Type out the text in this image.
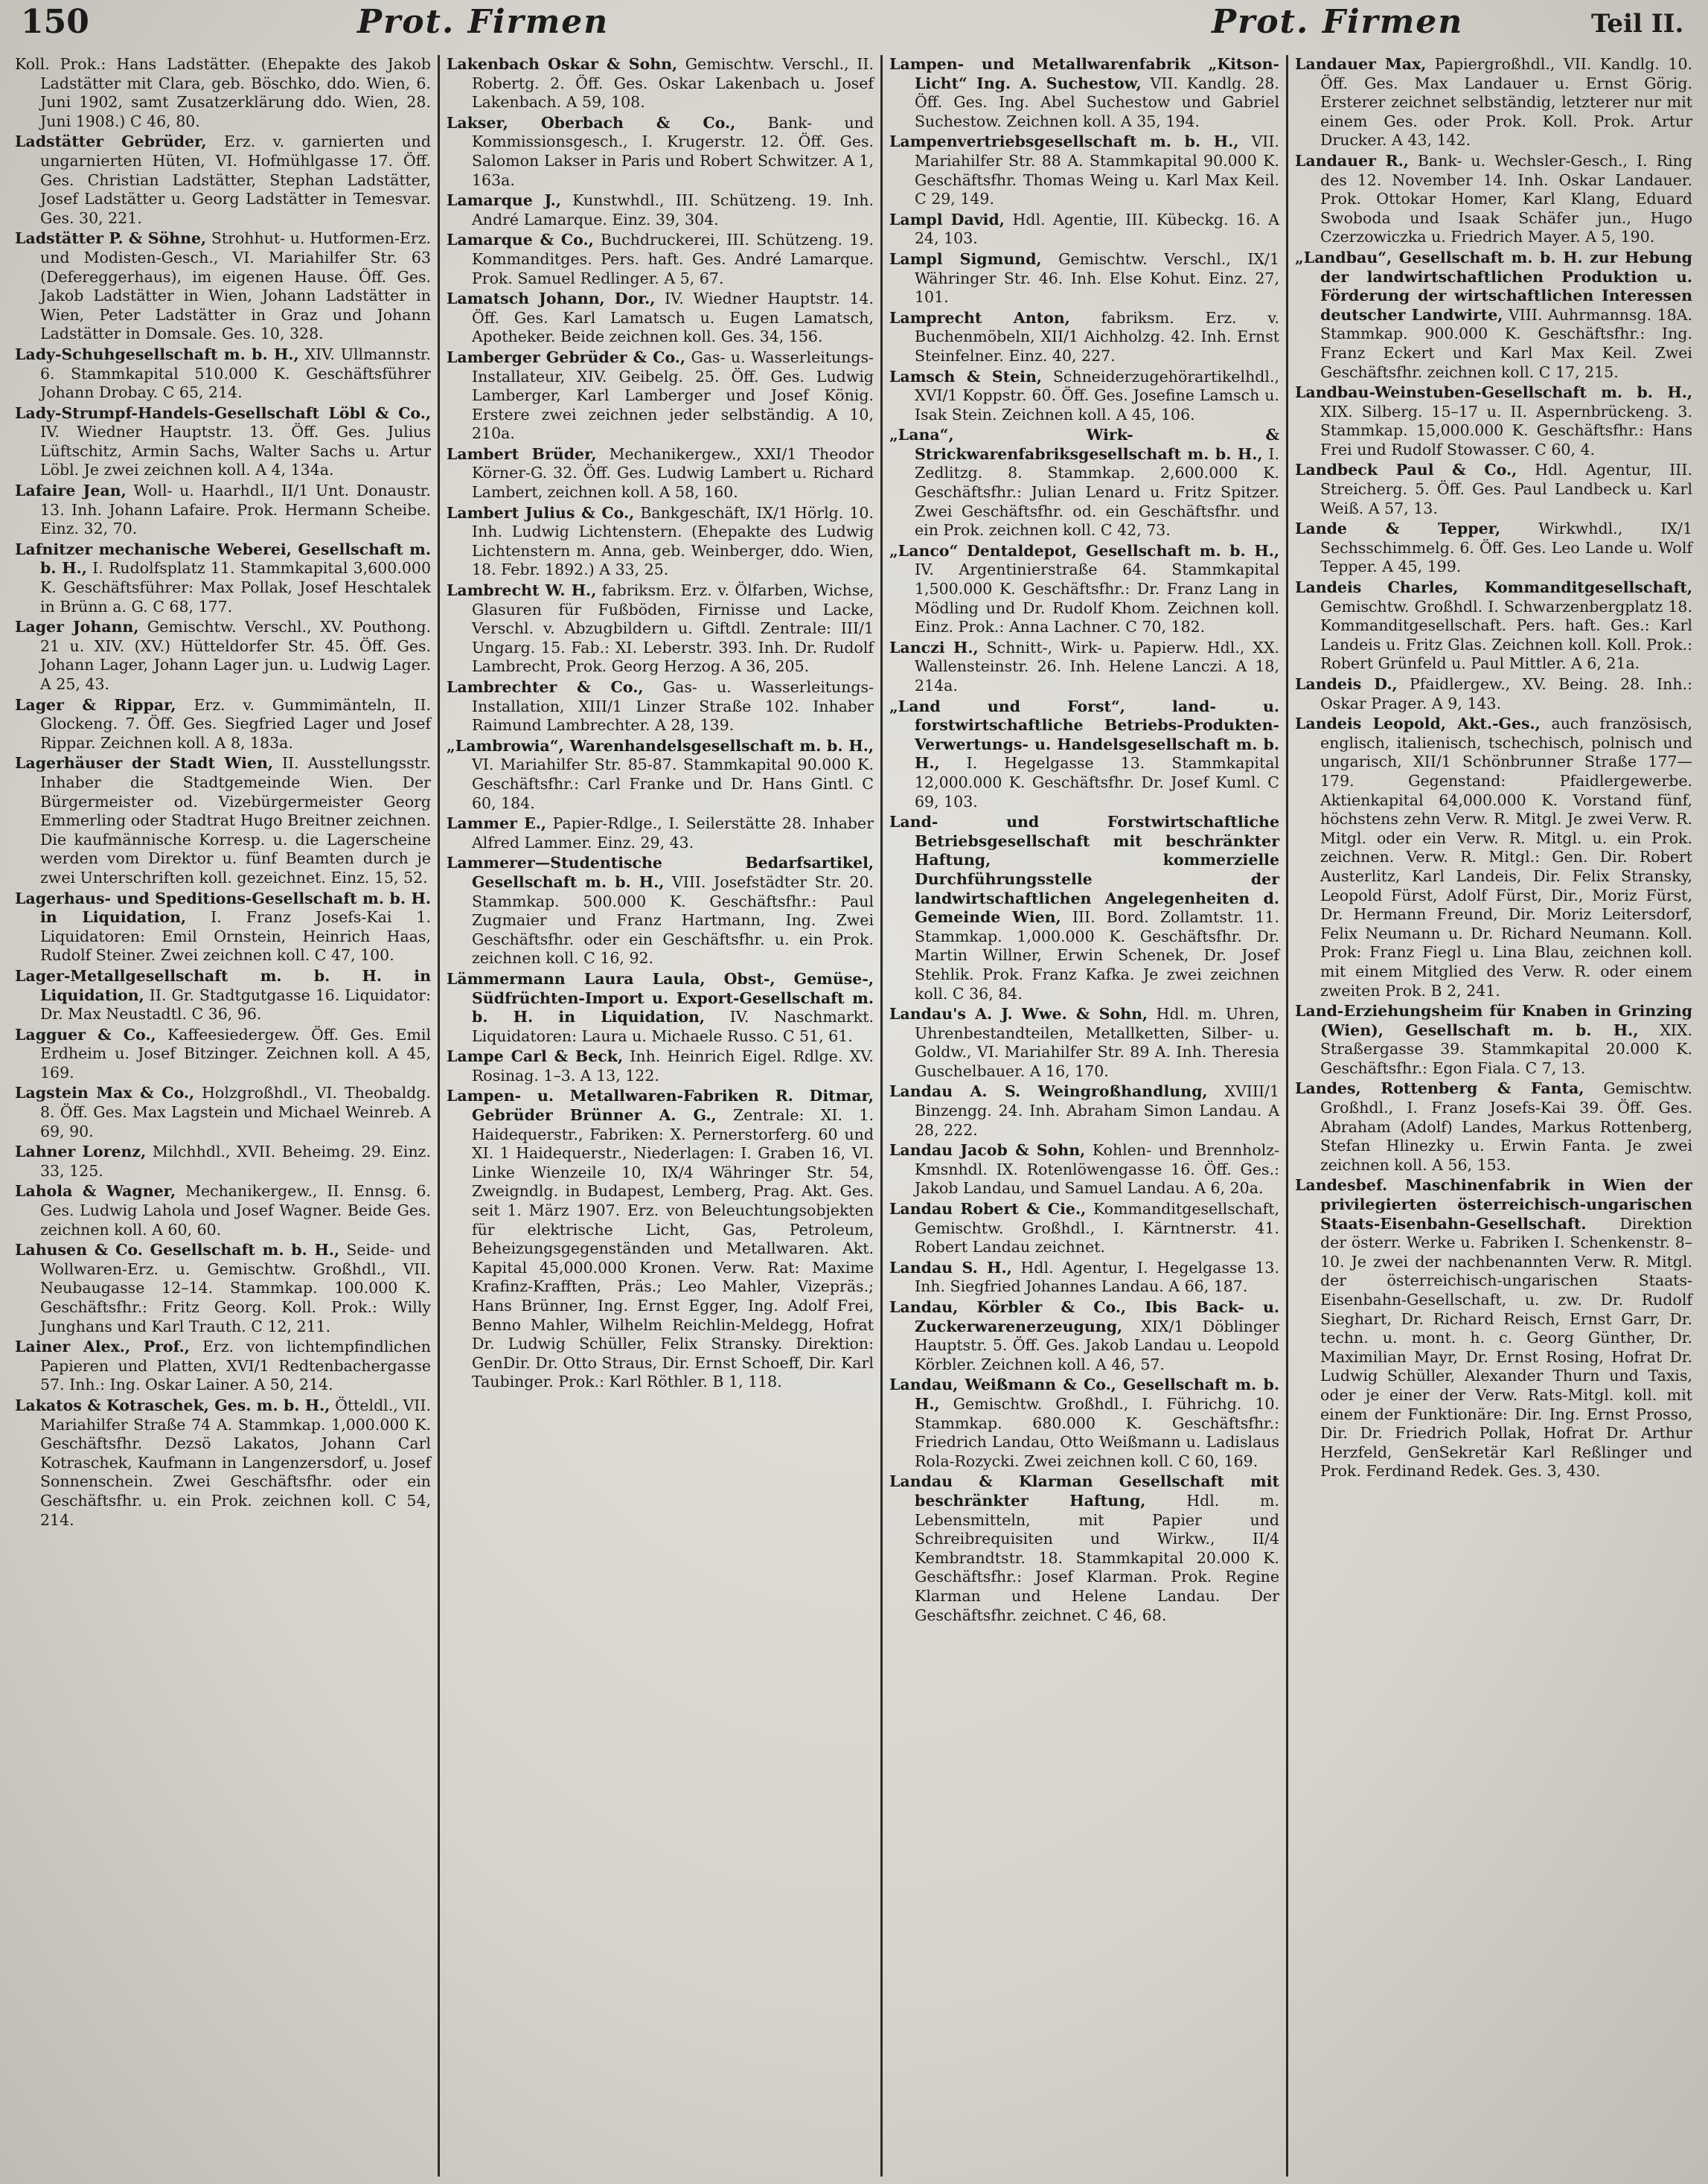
150	Prot. Firmen	Prot. Firmen	Teil II.

Koll. Prok.: Hans Ladstätter. (Ehepakte des Jakob Ladstätter mit Clara, geb. Böschko, ddo. Wien, 6. Juni 1902, samt Zusatzerklärung ddo. Wien, 28. Juni 1908.) C 46, 80.

Ladstätter Gebrüder, Erz. v. garnierten und ungarnierten Hüten, VI. Hofmühlgasse 17. Öff. Ges. Christian Ladstätter, Stephan Ladstätter, Josef Ladstätter u. Georg Ladstätter in Temesvar. Ges. 30, 221.

Ladstätter P. & Söhne, Strohhut- u. Hutformen-Erz. und Modisten-Gesch., VI. Mariahilfer Str. 63 (Defereggerhaus), im eigenen Hause. Öff. Ges. Jakob Ladstätter in Wien, Johann Ladstätter in Wien, Peter Ladstätter in Graz und Johann Ladstätter in Domsale. Ges. 10, 328.

Lady-Schuhgesellschaft m. b. H., XIV. Ullmannstr. 6. Stammkapital 510.000 K. Geschäftsführer Johann Drobay. C 65, 214.

Lady-Strumpf-Handels-Gesellschaft Löbl & Co., IV. Wiedner Hauptstr. 13. Öff. Ges. Julius Lüftschitz, Armin Sachs, Walter Sachs u. Artur Löbl. Je zwei zeichnen koll. A 4, 134a.

Lafaire Jean, Woll- u. Haarhdl., II/1 Unt. Donaustr. 13. Inh. Johann Lafaire. Prok. Hermann Scheibe. Einz. 32, 70.

Lafnitzer mechanische Weberei, Gesellschaft m. b. H., I. Rudolfsplatz 11. Stammkapital 3,600.000 K. Geschäftsführer: Max Pollak, Josef Heschtalek in Brünn a. G. C 68, 177.

Lager Johann, Gemischtw. Verschl., XV. Pouthong. 21 u. XIV. (XV.) Hütteldorfer Str. 45. Öff. Ges. Johann Lager, Johann Lager jun. u. Ludwig Lager. A 25, 43.

Lager & Rippar, Erz. v. Gummimänteln, II. Glockeng. 7. Öff. Ges. Siegfried Lager und Josef Rippar. Zeichnen koll. A 8, 183a.

Lagerhäuser der Stadt Wien, II. Ausstellungsstr. Inhaber die Stadtgemeinde Wien. Der Bürgermeister od. Vizebürgermeister Georg Emmerling oder Stadtrat Hugo Breitner zeichnen. Die kaufmännische Korresp. u. die Lagerscheine werden vom Direktor u. fünf Beamten durch je zwei Unterschriften koll. gezeichnet. Einz. 15, 52.

Lagerhaus- und Speditions-Gesellschaft m. b. H. in Liquidation, I. Franz Josefs-Kai 1. Liquidatoren: Emil Ornstein, Heinrich Haas, Rudolf Steiner. Zwei zeichnen koll. C 47, 100.

Lager-Metallgesellschaft m. b. H. in Liquidation, II. Gr. Stadtgutgasse 16. Liquidator: Dr. Max Neustadtl. C 36, 96.

Lagguer & Co., Kaffeesiedergew. Öff. Ges. Emil Erdheim u. Josef Bitzinger. Zeichnen koll. A 45, 169.

Lagstein Max & Co., Holzgroßhdl., VI. Theobaldg. 8. Öff. Ges. Max Lagstein und Michael Weinreb. A 69, 90.

Lahner Lorenz, Milchhdl., XVII. Beheimg. 29. Einz. 33, 125.

Lahola & Wagner, Mechanikergew., II. Ennsg. 6. Ges. Ludwig Lahola und Josef Wagner. Beide Ges. zeichnen koll. A 60, 60.

Lahusen & Co. Gesellschaft m. b. H., Seide- und Wollwaren-Erz. u. Gemischtw. Großhdl., VII. Neubaugasse 12–14. Stammkap. 100.000 K. Geschäftsfhr.: Fritz Georg. Koll. Prok.: Willy Junghans und Karl Trauth. C 12, 211.

Lainer Alex., Prof., Erz. von lichtempfindlichen Papieren und Platten, XVI/1 Redtenbachergasse 57. Inh.: Ing. Oskar Lainer. A 50, 214.

Lakatos & Kotraschek, Ges. m. b. H., Ötteldl., VII. Mariahilfer Straße 74 A. Stammkap. 1,000.000 K. Geschäftsfhr. Dezsö Lakatos, Johann Carl Kotraschek, Kaufmann in Langenzersdorf, u. Josef Sonnenschein. Zwei Geschäftsfhr. oder ein Geschäftsfhr. u. ein Prok. zeichnen koll. C 54, 214.

Lakenbach Oskar & Sohn, Gemischtw. Verschl., II. Robertg. 2. Öff. Ges. Oskar Lakenbach u. Josef Lakenbach. A 59, 108.

Lakser, Oberbach & Co., Bank- und Kommissionsgesch., I. Krugerstr. 12. Öff. Ges. Salomon Lakser in Paris und Robert Schwitzer. A 1, 163a.

Lamarque J., Kunstwhdl., III. Schützeng. 19. Inh. André Lamarque. Einz. 39, 304.

Lamarque & Co., Buchdruckerei, III. Schützeng. 19. Kommanditges. Pers. haft. Ges. André Lamarque. Prok. Samuel Redlinger. A 5, 67.

Lamatsch Johann, Dor., IV. Wiedner Hauptstr. 14. Öff. Ges. Karl Lamatsch u. Eugen Lamatsch, Apotheker. Beide zeichnen koll. Ges. 34, 156.

Lamberger Gebrüder & Co., Gas- u. Wasserleitungs-Installateur, XIV. Geibelg. 25. Öff. Ges. Ludwig Lamberger, Karl Lamberger und Josef König. Erstere zwei zeichnen jeder selbständig. A 10, 210a.

Lambert Brüder, Mechanikergew., XXI/1 Theodor Körner-G. 32. Öff. Ges. Ludwig Lambert u. Richard Lambert, zeichnen koll. A 58, 160.

Lambert Julius & Co., Bankgeschäft, IX/1 Hörlg. 10. Inh. Ludwig Lichtenstern. (Ehepakte des Ludwig Lichtenstern m. Anna, geb. Weinberger, ddo. Wien, 18. Febr. 1892.) A 33, 25.

Lambrecht W. H., fabriksm. Erz. v. Ölfarben, Wichse, Glasuren für Fußböden, Firnisse und Lacke, Verschl. v. Abzugbildern u. Giftdl. Zentrale: III/1 Ungarg. 15. Fab.: XI. Leberstr. 393. Inh. Dr. Rudolf Lambrecht, Prok. Georg Herzog. A 36, 205.

Lambrechter & Co., Gas- u. Wasserleitungs-Installation, XIII/1 Linzer Straße 102. Inhaber Raimund Lambrechter. A 28, 139.

„Lambrowia“, Warenhandelsgesellschaft m. b. H., VI. Mariahilfer Str. 85-87. Stammkapital 90.000 K. Geschäftsfhr.: Carl Franke und Dr. Hans Gintl. C 60, 184.

Lammer E., Papier-Rdlge., I. Seilerstätte 28. Inhaber Alfred Lammer. Einz. 29, 43.

Lammerer—Studentische Bedarfsartikel, Gesellschaft m. b. H., VIII. Josefstädter Str. 20. Stammkap. 500.000 K. Geschäftsfhr.: Paul Zugmaier und Franz Hartmann, Ing. Zwei Geschäftsfhr. oder ein Geschäftsfhr. u. ein Prok. zeichnen koll. C 16, 92.

Lämmermann Laura Laula, Obst-, Gemüse-, Südfrüchten-Import u. Export-Gesellschaft m. b. H. in Liquidation, IV. Naschmarkt. Liquidatoren: Laura u. Michaele Russo. C 51, 61.

Lampe Carl & Beck, Inh. Heinrich Eigel. Rdlge. XV. Rosinag. 1–3. A 13, 122.

Lampen- u. Metallwaren-Fabriken R. Ditmar, Gebrüder Brünner A. G., Zentrale: XI. 1. Haidequerstr., Fabriken: X. Pernerstorferg. 60 und XI. 1 Haidequerstr., Niederlagen: I. Graben 16, VI. Linke Wienzeile 10, IX/4 Währinger Str. 54, Zweigndlg. in Budapest, Lemberg, Prag. Akt. Ges. seit 1. März 1907. Erz. von Beleuchtungsobjekten für elektrische Licht, Gas, Petroleum, Beheizungsgegenständen und Metallwaren. Akt. Kapital 45,000.000 Kronen. Verw. Rat: Maxime Krafinz-Krafften, Präs.; Leo Mahler, Vizepräs.; Hans Brünner, Ing. Ernst Egger, Ing. Adolf Frei, Benno Mahler, Wilhelm Reichlin-Meldegg, Hofrat Dr. Ludwig Schüller, Felix Stransky. Direktion: GenDir. Dr. Otto Straus, Dir. Ernst Schoeff, Dir. Karl Taubinger. Prok.: Karl Röthler. B 1, 118.

Lampen- und Metallwarenfabrik „Kitson-Licht“ Ing. A. Suchestow, VII. Kandlg. 28. Öff. Ges. Ing. Abel Suchestow und Gabriel Suchestow. Zeichnen koll. A 35, 194.

Lampenvertriebsgesellschaft m. b. H., VII. Mariahilfer Str. 88 A. Stammkapital 90.000 K. Geschäftsfhr. Thomas Weing u. Karl Max Keil. C 29, 149.

Lampl David, Hdl. Agentie, III. Kübeckg. 16. A 24, 103.

Lampl Sigmund, Gemischtw. Verschl., IX/1 Währinger Str. 46. Inh. Else Kohut. Einz. 27, 101.

Lamprecht Anton, fabriksm. Erz. v. Buchenmöbeln, XII/1 Aichholzg. 42. Inh. Ernst Steinfelner. Einz. 40, 227.

Lamsch & Stein, Schneiderzugehörartikelhdl., XVI/1 Koppstr. 60. Öff. Ges. Josefine Lamsch u. Isak Stein. Zeichnen koll. A 45, 106.

„Lana“, Wirk- & Strickwarenfabriksgesellschaft m. b. H., I. Zedlitzg. 8. Stammkap. 2,600.000 K. Geschäftsfhr.: Julian Lenard u. Fritz Spitzer. Zwei Geschäftsfhr. od. ein Geschäftsfhr. und ein Prok. zeichnen koll. C 42, 73.

„Lanco“ Dentaldepot, Gesellschaft m. b. H., IV. Argentinierstraße 64. Stammkapital 1,500.000 K. Geschäftsfhr.: Dr. Franz Lang in Mödling und Dr. Rudolf Khom. Zeichnen koll. Einz. Prok.: Anna Lachner. C 70, 182.

Lanczi H., Schnitt-, Wirk- u. Papierw. Hdl., XX. Wallensteinstr. 26. Inh. Helene Lanczi. A 18, 214a.

„Land und Forst“, land- u. forstwirtschaftliche Betriebs-Produkten-Verwertungs- u. Handelsgesellschaft m. b. H., I. Hegelgasse 13. Stammkapital 12,000.000 K. Geschäftsfhr. Dr. Josef Kuml. C 69, 103.

Land- und Forstwirtschaftliche Betriebsgesellschaft mit beschränkter Haftung, kommerzielle Durchführungsstelle der landwirtschaftlichen Angelegenheiten d. Gemeinde Wien, III. Bord. Zollamtstr. 11. Stammkap. 1,000.000 K. Geschäftsfhr. Dr. Martin Willner, Erwin Schenek, Dr. Josef Stehlik. Prok. Franz Kafka. Je zwei zeichnen koll. C 36, 84.

Landau's A. J. Wwe. & Sohn, Hdl. m. Uhren, Uhrenbestandteilen, Metallketten, Silber- u. Goldw., VI. Mariahilfer Str. 89 A. Inh. Theresia Guschelbauer. A 16, 170.

Landau A. S. Weingroßhandlung, XVIII/1 Binzengg. 24. Inh. Abraham Simon Landau. A 28, 222.

Landau Jacob & Sohn, Kohlen- und Brennholz-Kmsnhdl. IX. Rotenlöwengasse 16. Öff. Ges.: Jakob Landau, und Samuel Landau. A 6, 20a.

Landau Robert & Cie., Kommanditgesellschaft, Gemischtw. Großhdl., I. Kärntnerstr. 41. Robert Landau zeichnet.

Landau S. H., Hdl. Agentur, I. Hegelgasse 13. Inh. Siegfried Johannes Landau. A 66, 187.

Landau, Körbler & Co., Ibis Back- u. Zuckerwarenerzeugung, XIX/1 Döblinger Hauptstr. 5. Öff. Ges. Jakob Landau u. Leopold Körbler. Zeichnen koll. A 46, 57.

Landau, Weißmann & Co., Gesellschaft m. b. H., Gemischtw. Großhdl., I. Führichg. 10. Stammkap. 680.000 K. Geschäftsfhr.: Friedrich Landau, Otto Weißmann u. Ladislaus Rola-Rozycki. Zwei zeichnen koll. C 60, 169.

Landau & Klarman Gesellschaft mit beschränkter Haftung, Hdl. m. Lebensmitteln, mit Papier und Schreibrequisiten und Wirkw., II/4 Kembrandtstr. 18. Stammkapital 20.000 K. Geschäftsfhr.: Josef Klarman. Prok. Regine Klarman und Helene Landau. Der Geschäftsfhr. zeichnet. C 46, 68.

Landauer Max, Papiergroßhdl., VII. Kandlg. 10. Öff. Ges. Max Landauer u. Ernst Görig. Ersterer zeichnet selbständig, letzterer nur mit einem Ges. oder Prok. Koll. Prok. Artur Drucker. A 43, 142.

Landauer R., Bank- u. Wechsler-Gesch., I. Ring des 12. November 14. Inh. Oskar Landauer. Prok. Ottokar Homer, Karl Klang, Eduard Swoboda und Isaak Schäfer jun., Hugo Czerzowiczka u. Friedrich Mayer. A 5, 190.

„Landbau“, Gesellschaft m. b. H. zur Hebung der landwirtschaftlichen Produktion u. Förderung der wirtschaftlichen Interessen deutscher Landwirte, VIII. Auhrmannsg. 18A. Stammkap. 900.000 K. Geschäftsfhr.: Ing. Franz Eckert und Karl Max Keil. Zwei Geschäftsfhr. zeichnen koll. C 17, 215.

Landbau-Weinstuben-Gesellschaft m. b. H., XIX. Silberg. 15–17 u. II. Aspernbrückeng. 3. Stammkap. 15,000.000 K. Geschäftsfhr.: Hans Frei und Rudolf Stowasser. C 60, 4.

Landbeck Paul & Co., Hdl. Agentur, III. Streicherg. 5. Öff. Ges. Paul Landbeck u. Karl Weiß. A 57, 13.

Lande & Tepper, Wirkwhdl., IX/1 Sechsschimmelg. 6. Öff. Ges. Leo Lande u. Wolf Tepper. A 45, 199.

Landeis Charles, Kommanditgesellschaft, Gemischtw. Großhdl. I. Schwarzenbergplatz 18. Kommanditgesellschaft. Pers. haft. Ges.: Karl Landeis u. Fritz Glas. Zeichnen koll. Koll. Prok.: Robert Grünfeld u. Paul Mittler. A 6, 21a.

Landeis D., Pfaidlergew., XV. Being. 28. Inh.: Oskar Prager. A 9, 143.

Landeis Leopold, Akt.-Ges., auch französisch, englisch, italienisch, tschechisch, polnisch und ungarisch, XII/1 Schönbrunner Straße 177—179. Gegenstand: Pfaidlergewerbe. Aktienkapital 64,000.000 K. Vorstand fünf, höchstens zehn Verw. R. Mitgl. Je zwei Verw. R. Mitgl. oder ein Verw. R. Mitgl. u. ein Prok. zeichnen. Verw. R. Mitgl.: Gen. Dir. Robert Austerlitz, Karl Landeis, Dir. Felix Stransky, Leopold Fürst, Adolf Fürst, Dir., Moriz Fürst, Dr. Hermann Freund, Dir. Moriz Leitersdorf, Felix Neumann u. Dr. Richard Neumann. Koll. Prok: Franz Fiegl u. Lina Blau, zeichnen koll. mit einem Mitglied des Verw. R. oder einem zweiten Prok. B 2, 241.

Land-Erziehungsheim für Knaben in Grinzing (Wien), Gesellschaft m. b. H., XIX. Straßergasse 39. Stammkapital 20.000 K. Geschäftsfhr.: Egon Fiala. C 7, 13.

Landes, Rottenberg & Fanta, Gemischtw. Großhdl., I. Franz Josefs-Kai 39. Öff. Ges. Abraham (Adolf) Landes, Markus Rottenberg, Stefan Hlinezky u. Erwin Fanta. Je zwei zeichnen koll. A 56, 153.

Landesbef. Maschinenfabrik in Wien der privilegierten österreichisch-ungarischen Staats-Eisenbahn-Gesellschaft. Direktion der österr. Werke u. Fabriken I. Schenkenstr. 8–10. Je zwei der nachbenannten Verw. R. Mitgl. der österreichisch-ungarischen Staats-Eisenbahn-Gesellschaft, u. zw. Dr. Rudolf Sieghart, Dr. Richard Reisch, Ernst Garr, Dr. techn. u. mont. h. c. Georg Günther, Dr. Maximilian Mayr, Dr. Ernst Rosing, Hofrat Dr. Ludwig Schüller, Alexander Thurn und Taxis, oder je einer der Verw. Rats-Mitgl. koll. mit einem der Funktionäre: Dir. Ing. Ernst Prosso, Dir. Dr. Friedrich Pollak, Hofrat Dr. Arthur Herzfeld, GenSekretär Karl Reßlinger und Prok. Ferdinand Redek. Ges. 3, 430.
